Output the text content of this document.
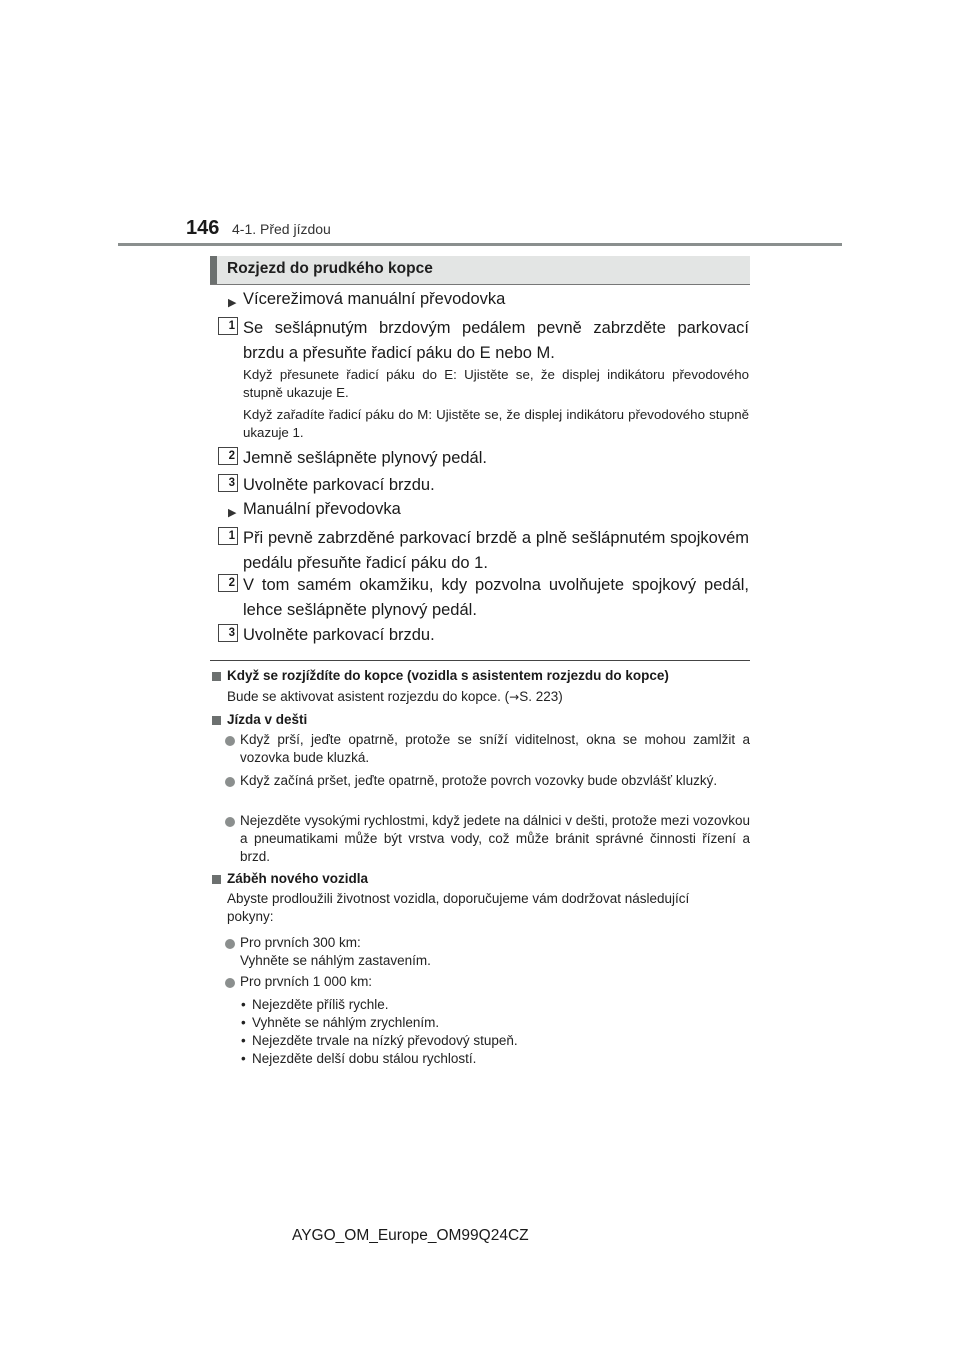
146 4-1. Před jízdou
Rozjezd do prudkého kopce
▶ Vícerežimová manuální převodovka
1 Se sešlápnutým brzdovým pedálem pevně zabrzděte parkovací brzdu a přesuňte řadicí páku do E nebo M.
Když přesunete řadicí páku do E: Ujistěte se, že displej indikátoru převodového stupně ukazuje E.
Když zařadíte řadicí páku do M: Ujistěte se, že displej indikátoru převodového stupně ukazuje 1.
2 Jemně sešlápněte plynový pedál.
3 Uvolněte parkovací brzdu.
▶ Manuální převodovka
1 Při pevně zabrzděné parkovací brzdě a plně sešlápnutém spojkovém pedálu přesuňte řadicí páku do 1.
2 V tom samém okamžiku, kdy pozvolna uvolňujete spojkový pedál, lehce sešlápněte plynový pedál.
3 Uvolněte parkovací brzdu.
Když se rozjíždíte do kopce (vozidla s asistentem rozjezdu do kopce)
Bude se aktivovat asistent rozjezdu do kopce. (→S. 223)
Jízda v dešti
Když prší, jeďte opatrně, protože se sníží viditelnost, okna se mohou zamlžit a vozovka bude kluzká.
Když začíná pršet, jeďte opatrně, protože povrch vozovky bude obzvlášť kluzký.
Nejezděte vysokými rychlostmi, když jedete na dálnici v dešti, protože mezi vozovkou a pneumatikami může být vrstva vody, což může bránit správné činnosti řízení a brzd.
Záběh nového vozidla
Abyste prodloužili životnost vozidla, doporučujeme vám dodržovat následující pokyny:
Pro prvních 300 km:
Vyhněte se náhlým zastavením.
Pro prvních 1 000 km:
• Nejezděte příliš rychle.
• Vyhněte se náhlým zrychlením.
• Nejezděte trvale na nízký převodový stupeň.
• Nejezděte delší dobu stálou rychlostí.
AYGO_OM_Europe_OM99Q24CZ
